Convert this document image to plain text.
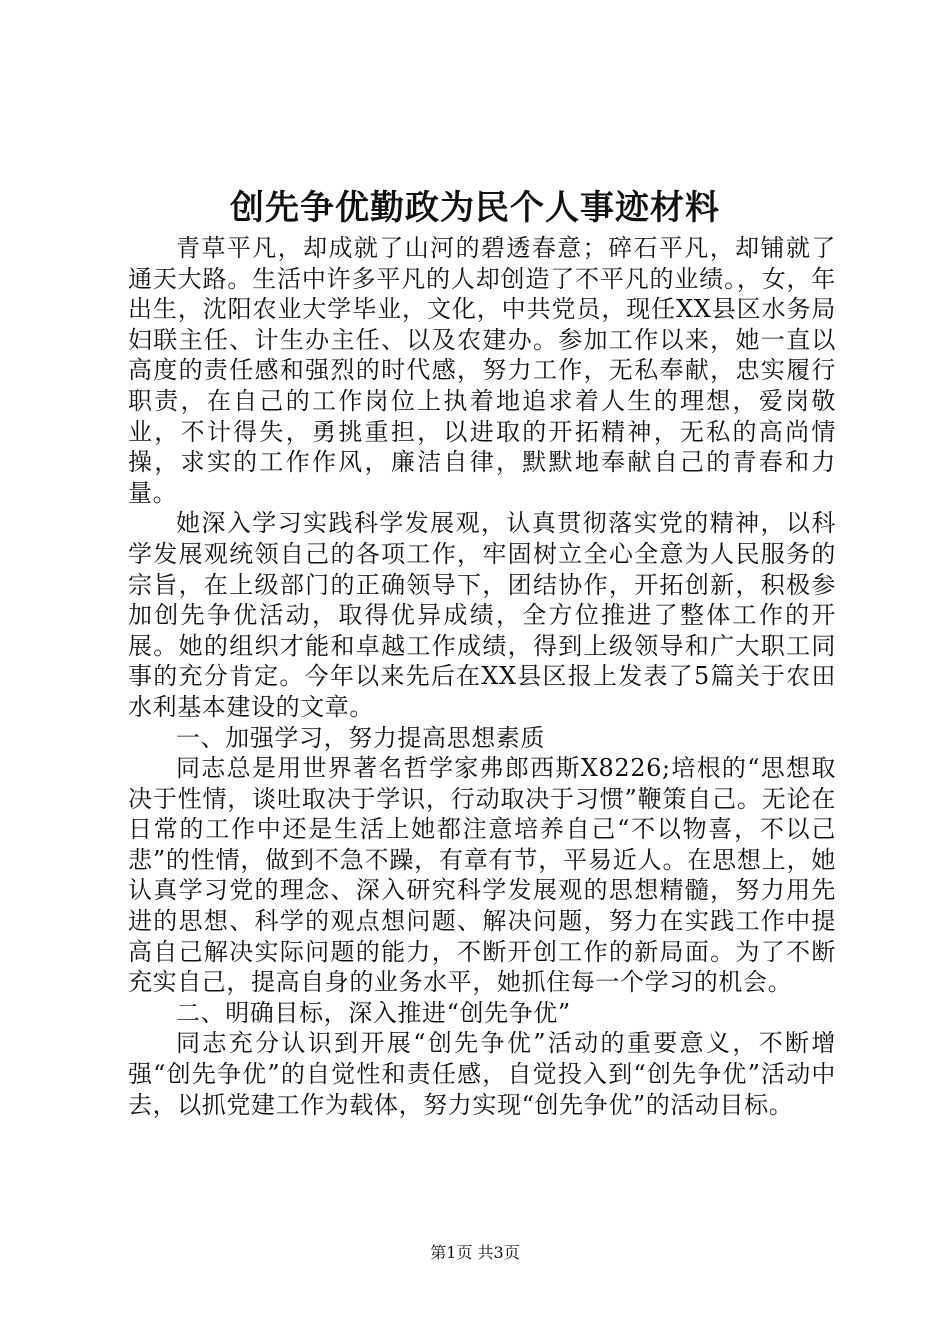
创先争优勤政为民个人事迹材料

青草平凡，却成就了山河的碧透春意；碎石平凡，却铺就了通天大路。生活中许多平凡的人却创造了不平凡的业绩。，女，年出生，沈阳农业大学毕业，文化，中共党员，现任XX县区水务局妇联主任、计生办主任、以及农建办。参加工作以来，她一直以高度的责任感和强烈的时代感，努力工作，无私奉献，忠实履行职责，在自己的工作岗位上执着地追求着人生的理想，爱岗敬业，不计得失，勇挑重担，以进取的开拓精神，无私的高尚情操，求实的工作作风，廉洁自律，默默地奉献自己的青春和力量。

她深入学习实践科学发展观，认真贯彻落实党的精神，以科学发展观统领自己的各项工作，牢固树立全心全意为人民服务的宗旨，在上级部门的正确领导下，团结协作，开拓创新，积极参加创先争优活动，取得优异成绩，全方位推进了整体工作的开展。她的组织才能和卓越工作成绩，得到上级领导和广大职工同事的充分肯定。今年以来先后在XX县区报上发表了5篇关于农田水利基本建设的文章。

一、加强学习，努力提高思想素质

同志总是用世界著名哲学家弗郎西斯X8226;培根的“思想取决于性情，谈吐取决于学识，行动取决于习惯”鞭策自己。无论在日常的工作中还是生活上她都注意培养自己“不以物喜，不以己悲”的性情，做到不急不躁，有章有节，平易近人。在思想上，她认真学习党的理念、深入研究科学发展观的思想精髓，努力用先进的思想、科学的观点想问题、解决问题，努力在实践工作中提高自己解决实际问题的能力，不断开创工作的新局面。为了不断充实自己，提高自身的业务水平，她抓住每一个学习的机会。

二、明确目标，深入推进“创先争优”

同志充分认识到开展“创先争优”活动的重要意义，不断增强“创先争优”的自觉性和责任感，自觉投入到“创先争优”活动中去，以抓党建工作为载体，努力实现“创先争优”的活动目标。

第1页 共3页
